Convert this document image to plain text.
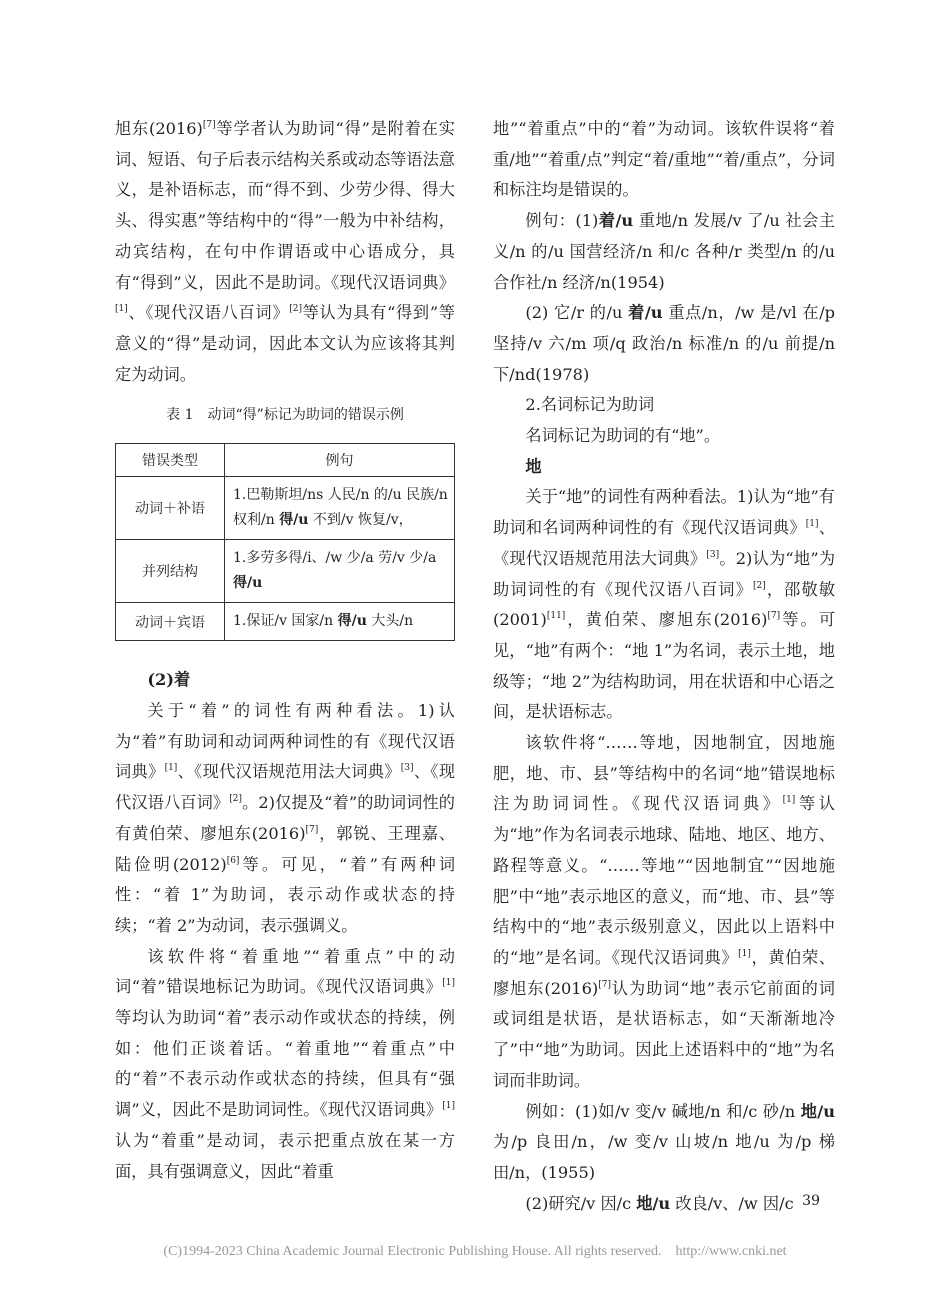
旭东(2016)[7]等学者认为助词“得”是附着在实词、短语、句子后表示结构关系或动态等语法意义，是补语标志，而“得不到、少劳少得、得大头、得实惠”等结构中的“得”一般为中补结构，动宾结构，在句中作谓语或中心语成分，具有“得到”义，因此不是助词。《现代汉语词典》[1]、《现代汉语八百词》[2]等认为具有“得到”等意义的“得”是动词，因此本文认为应该将其判定为动词。

表 1　动词“得”标记为助词的错误示例
错误类型	例句
动词＋补语	1.巴勒斯坦/ns 人民/n 的/u 民族/n 权利/n 得/u 不到/v 恢复/v，
并列结构	1.多劳多得/i、/w 少/a 劳/v 少/a 得/u
动词＋宾语	1.保证/v 国家/n 得/u 大头/n
(2)着

关于“着”的词性有两种看法。1)认为“着”有助词和动词两种词性的有《现代汉语词典》[1]、《现代汉语规范用法大词典》[3]、《现代汉语八百词》[2]。2)仅提及“着”的助词词性的有黄伯荣、廖旭东(2016)[7]，郭锐、王理嘉、陆俭明(2012)[6]等。可见，“着”有两种词性：“着 1”为助词，表示动作或状态的持续；“着 2”为动词，表示强调义。

该软件将“着重地”“着重点”中的动词“着”错误地标记为助词。《现代汉语词典》[1]等均认为助词“着”表示动作或状态的持续，例如：他们正谈着话。“着重地”“着重点”中的“着”不表示动作或状态的持续，但具有“强调”义，因此不是助词词性。《现代汉语词典》[1]认为“着重”是动词，表示把重点放在某一方面，具有强调意义，因此“着重

地”“着重点”中的“着”为动词。该软件误将“着重/地”“着重/点”判定“着/重地”“着/重点”，分词和标注均是错误的。

例句：(1)着/u 重地/n 发展/v 了/u 社会主义/n 的/u 国营经济/n 和/c 各种/r 类型/n 的/u 合作社/n 经济/n(1954)

(2) 它/r 的/u 着/u 重点/n，/w 是/vl 在/p 坚持/v 六/m 项/q 政治/n 标准/n 的/u 前提/n 下/nd(1978)

2.名词标记为助词

名词标记为助词的有“地”。

地

关于“地”的词性有两种看法。1)认为“地”有助词和名词两种词性的有《现代汉语词典》[1]、《现代汉语规范用法大词典》[3]。2)认为“地”为助词词性的有《现代汉语八百词》[2]，邵敬敏(2001)[11]，黄伯荣、廖旭东(2016)[7]等。可见，“地”有两个：“地 1”为名词，表示土地，地级等；“地 2”为结构助词，用在状语和中心语之间，是状语标志。

该软件将“……等地，因地制宜，因地施肥，地、市、县”等结构中的名词“地”错误地标注为助词词性。《现代汉语词典》[1]等认为“地”作为名词表示地球、陆地、地区、地方、路程等意义。“……等地”“因地制宜”“因地施肥”中“地”表示地区的意义，而“地、市、县”等结构中的“地”表示级别意义，因此以上语料中的“地”是名词。《现代汉语词典》[1]，黄伯荣、廖旭东(2016)[7]认为助词“地”表示它前面的词或词组是状语，是状语标志，如“天渐渐地冷了”中“地”为助词。因此上述语料中的“地”为名词而非助词。

例如：(1)如/v 变/v 碱地/n 和/c 砂/n 地/u 为/p 良田/n，/w 变/v 山坡/n 地/u 为/p 梯田/n，(1955)

(2)研究/v 因/c 地/u 改良/v、/w 因/c 39
(C)1994-2023 China Academic Journal Electronic Publishing House. All rights reserved.    http://www.cnki.net
